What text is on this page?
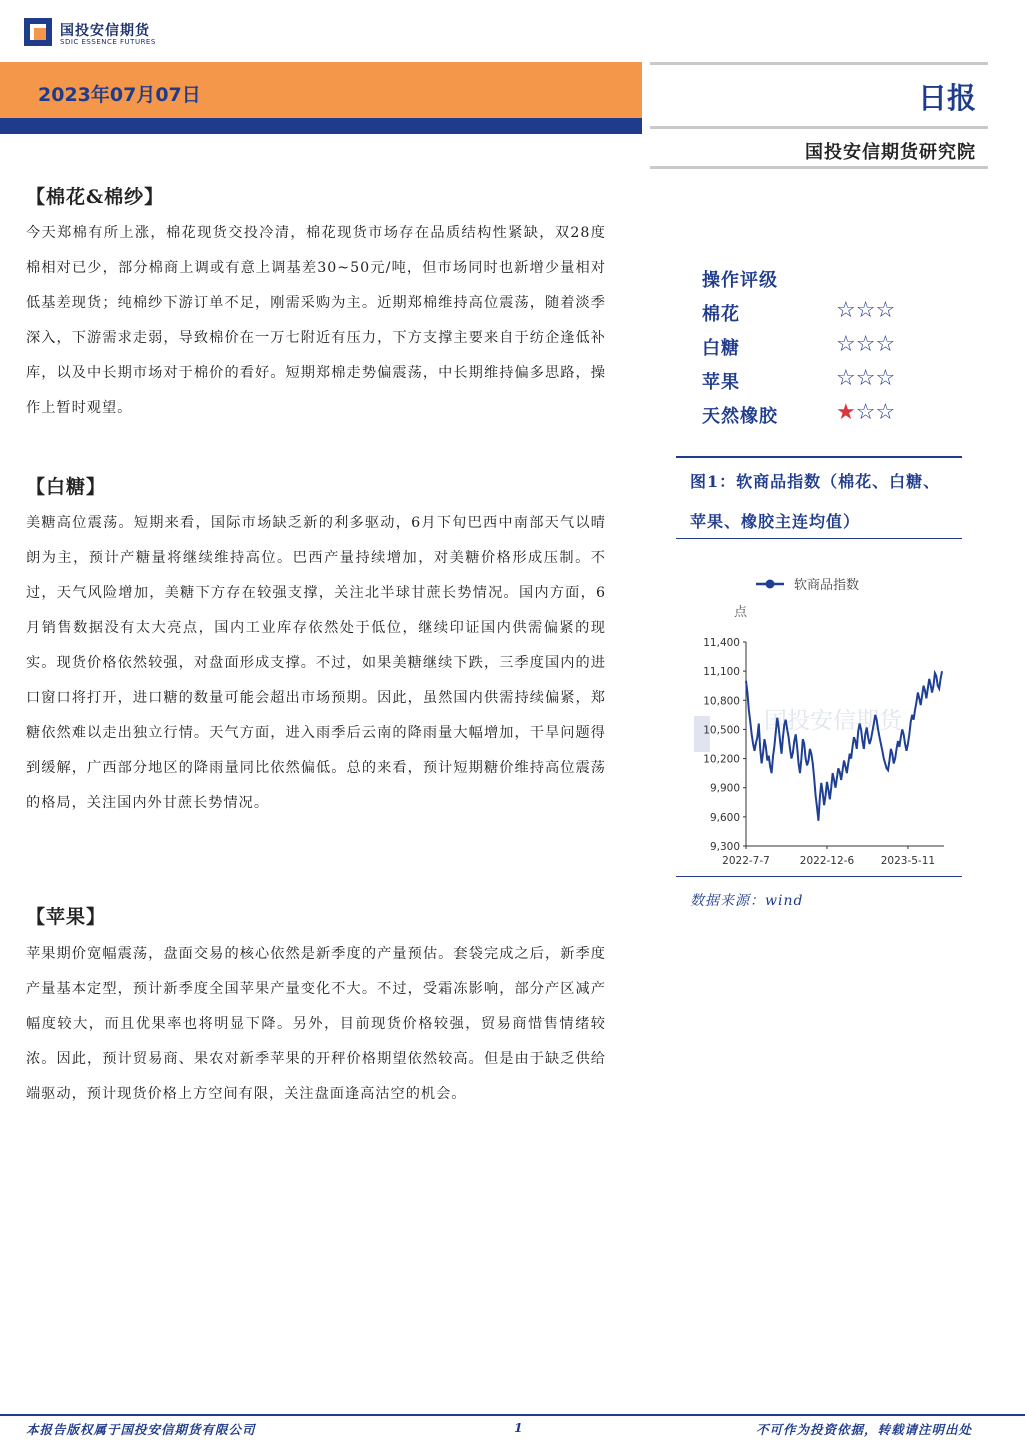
国投安信期货
SDIC ESSENCE FUTURES
2023年07月07日	日报
国投安信期货研究院
【棉花&棉纱】
今天郑棉有所上涨，棉花现货交投冷清，棉花现货市场存在品质结构性紧缺，双28度棉相对已少，部分棉商上调或有意上调基差30~50元/吨，但市场同时也新增少量相对低基差现货；纯棉纱下游订单不足，刚需采购为主。近期郑棉维持高位震荡，随着淡季深入，下游需求走弱，导致棉价在一万七附近有压力，下方支撑主要来自于纺企逢低补库，以及中长期市场对于棉价的看好。短期郑棉走势偏震荡，中长期维持偏多思路，操作上暂时观望。
【白糖】
美糖高位震荡。短期来看，国际市场缺乏新的利多驱动，6月下旬巴西中南部天气以晴朗为主，预计产糖量将继续维持高位。巴西产量持续增加，对美糖价格形成压制。不过，天气风险增加，美糖下方存在较强支撑，关注北半球甘蔗长势情况。国内方面，6月销售数据没有太大亮点，国内工业库存依然处于低位，继续印证国内供需偏紧的现实。现货价格依然较强，对盘面形成支撑。不过，如果美糖继续下跌，三季度国内的进口窗口将打开，进口糖的数量可能会超出市场预期。因此，虽然国内供需持续偏紧，郑糖依然难以走出独立行情。天气方面，进入雨季后云南的降雨量大幅增加，干旱问题得到缓解，广西部分地区的降雨量同比依然偏低。总的来看，预计短期糖价维持高位震荡的格局，关注国内外甘蔗长势情况。
【苹果】
苹果期价宽幅震荡，盘面交易的核心依然是新季度的产量预估。套袋完成之后，新季度产量基本定型，预计新季度全国苹果产量变化不大。不过，受霜冻影响，部分产区减产幅度较大，而且优果率也将明显下降。另外，目前现货价格较强，贸易商惜售情绪较浓。因此，预计贸易商、果农对新季苹果的开秤价格期望依然较高。但是由于缺乏供给端驱动，预计现货价格上方空间有限，关注盘面逢高沽空的机会。
操作评级
棉花	☆☆☆
白糖	☆☆☆
苹果	☆☆☆
天然橡胶	★☆☆
图1：软商品指数（棉花、白糖、苹果、橡胶主连均值）
国投安信期货
软商品指数
点
9,300
9,600
9,900
10,200
10,500
10,800
11,100
11,400
2022-7-7	2022-12-6	2023-5-11
数据来源：wind
本报告版权属于国投安信期货有限公司	1	不可作为投资依据，转载请注明出处
